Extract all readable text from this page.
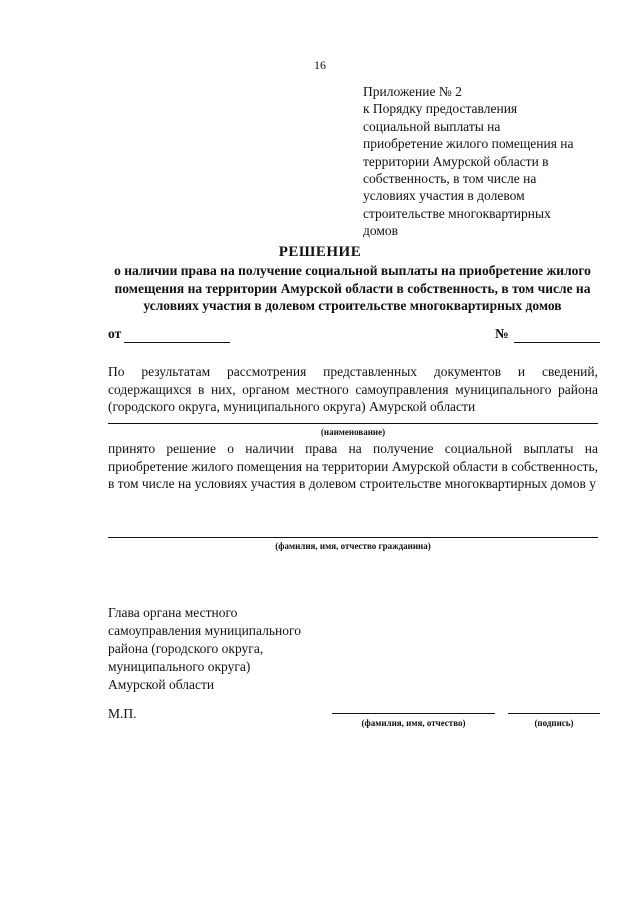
16
Приложение № 2
к Порядку предоставления
социальной выплаты на
приобретение жилого помещения на
территории Амурской области в
собственность, в том числе на
условиях участия в долевом
строительстве многоквартирных
домов
РЕШЕНИЕ
о наличии права на получение социальной выплаты на приобретение жилого помещения на территории Амурской области в собственность, в том числе на условиях участия в долевом строительстве многоквартирных домов
от	№
По результатам рассмотрения представленных документов и сведений, содержащихся в них, органом местного самоуправления муниципального района (городского округа, муниципального округа) Амурской области
(наименование)
принято решение о наличии права на получение социальной выплаты на приобретение жилого помещения на территории Амурской области в собственность, в том числе на условиях участия в долевом строительстве многоквартирных домов у
(фамилия, имя, отчество гражданина)
Глава органа местного
самоуправления муниципального
района (городского округа,
муниципального округа)
Амурской области
М.П.
(фамилия, имя, отчество)	(подпись)
